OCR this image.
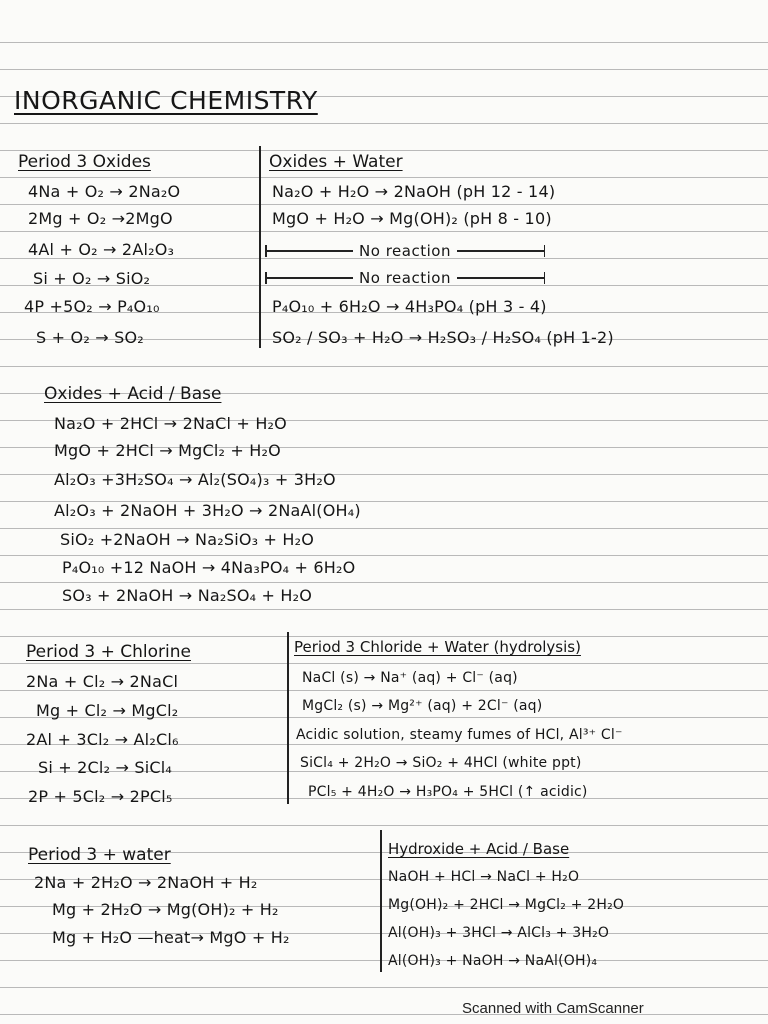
INORGANIC CHEMISTRY
Period 3 Oxides
4Na + O₂ → 2Na₂O
2Mg + O₂ →2MgO
4Al + O₂ → 2Al₂O₃
Si + O₂ → SiO₂
4P +5O₂ → P₄O₁₀
S + O₂ → SO₂
Oxides + Water
Na₂O + H₂O → 2NaOH (pH 12 - 14)
MgO + H₂O → Mg(OH)₂ (pH 8 - 10)
No reaction
No reaction
P₄O₁₀ + 6H₂O → 4H₃PO₄ (pH 3 - 4)
SO₂ / SO₃ + H₂O → H₂SO₃ / H₂SO₄ (pH 1-2)
Oxides + Acid / Base
Na₂O + 2HCl → 2NaCl + H₂O
MgO + 2HCl → MgCl₂ + H₂O
Al₂O₃ +3H₂SO₄ → Al₂(SO₄)₃ + 3H₂O
Al₂O₃ + 2NaOH + 3H₂O → 2NaAl(OH₄)
SiO₂ +2NaOH → Na₂SiO₃ + H₂O
P₄O₁₀ +12 NaOH → 4Na₃PO₄ + 6H₂O
SO₃ + 2NaOH → Na₂SO₄ + H₂O
Period 3 + Chlorine
2Na + Cl₂ → 2NaCl
Mg + Cl₂ → MgCl₂
2Al + 3Cl₂ → Al₂Cl₆
Si + 2Cl₂ → SiCl₄
2P + 5Cl₂ → 2PCl₅
Period 3 Chloride + Water (hydrolysis)
NaCl (s) → Na⁺ (aq) + Cl⁻ (aq)
MgCl₂ (s) → Mg²⁺ (aq) + 2Cl⁻ (aq)
Acidic solution, steamy fumes of HCl, Al³⁺ Cl⁻
SiCl₄ + 2H₂O → SiO₂ + 4HCl (white ppt)
PCl₅ + 4H₂O → H₃PO₄ + 5HCl (↑ acidic)
Period 3 + water
2Na + 2H₂O → 2NaOH + H₂
Mg + 2H₂O → Mg(OH)₂ + H₂
Mg + H₂O —heat→ MgO + H₂
Hydroxide + Acid / Base
NaOH + HCl → NaCl + H₂O
Mg(OH)₂ + 2HCl → MgCl₂ + 2H₂O
Al(OH)₃ + 3HCl → AlCl₃ + 3H₂O
Al(OH)₃ + NaOH → NaAl(OH)₄
Scanned with CamScanner
